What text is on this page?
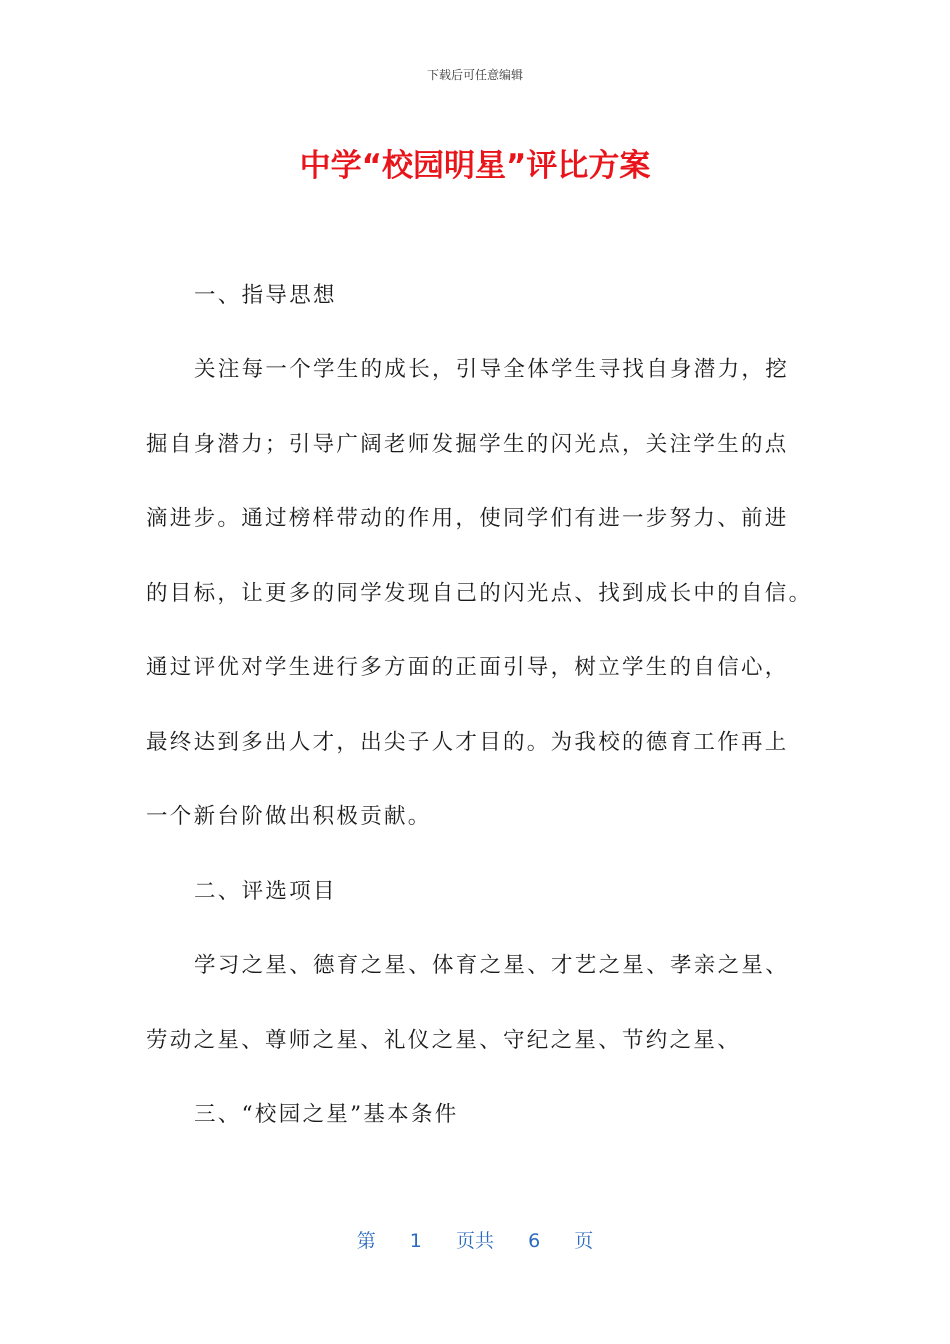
下载后可任意编辑
中学“校园明星”评比方案
一、指导思想
关注每一个学生的成长，引导全体学生寻找自身潜力，挖
掘自身潜力；引导广阔老师发掘学生的闪光点，关注学生的点
滴进步。通过榜样带动的作用，使同学们有进一步努力、前进
的目标，让更多的同学发现自己的闪光点、找到成长中的自信。
通过评优对学生进行多方面的正面引导，树立学生的自信心，
最终达到多出人才，出尖子人才目的。为我校的德育工作再上
一个新台阶做出积极贡献。
二、评选项目
学习之星、德育之星、体育之星、才艺之星、孝亲之星、
劳动之星、尊师之星、礼仪之星、守纪之星、节约之星、
三、“校园之星”基本条件
第 1 页共 6 页
